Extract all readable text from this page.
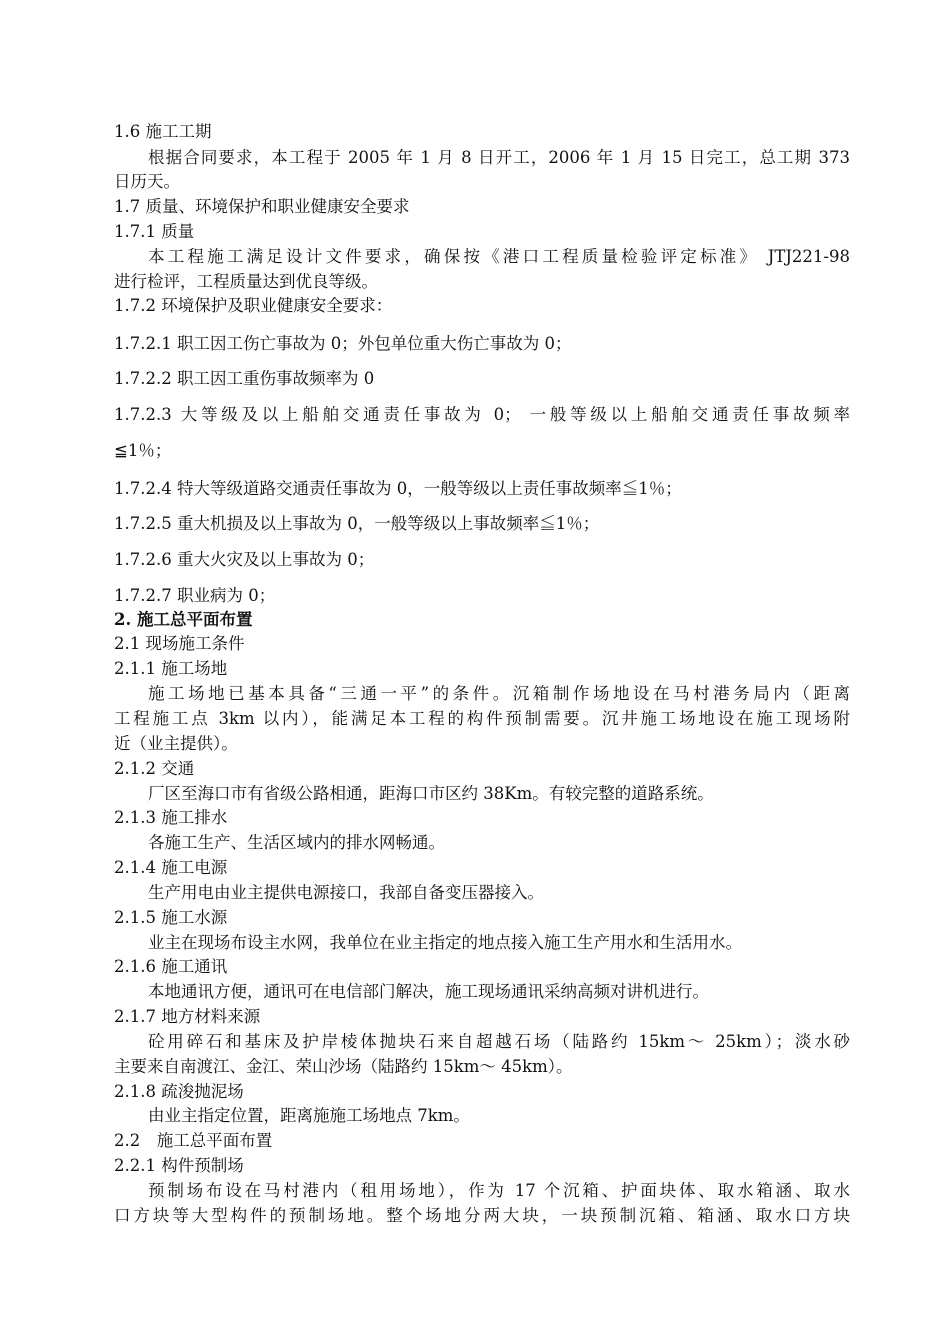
1.6 施工工期
根据合同要求，本工程于 2005 年 1 月 8 日开工，2006 年 1 月 15 日完工，总工期 373
日历天。
1.7 质量、环境保护和职业健康安全要求
1.7.1 质量
本工程施工满足设计文件要求，确保按《港口工程质量检验评定标准》 JTJ221-98
进行检评，工程质量达到优良等级。
1.7.2 环境保护及职业健康安全要求：
1.7.2.1 职工因工伤亡事故为 0；外包单位重大伤亡事故为 0；
1.7.2.2 职工因工重伤事故频率为 0
1.7.2.3 大等级及以上船舶交通责任事故为 0； 一般等级以上船舶交通责任事故频率
≦1％；
1.7.2.4 特大等级道路交通责任事故为 0，一般等级以上责任事故频率≦1％；
1.7.2.5 重大机损及以上事故为 0，一般等级以上事故频率≦1％；
1.7.2.6 重大火灾及以上事故为 0；
1.7.2.7 职业病为 0；
2. 施工总平面布置
2.1 现场施工条件
2.1.1 施工场地
施工场地已基本具备“三通一平”的条件。沉箱制作场地设在马村港务局内（距离
工程施工点 3km 以内），能满足本工程的构件预制需要。沉井施工场地设在施工现场附
近（业主提供）。
2.1.2 交通
厂区至海口市有省级公路相通，距海口市区约 38Km。有较完整的道路系统。
2.1.3 施工排水
各施工生产、生活区域内的排水网畅通。
2.1.4 施工电源
生产用电由业主提供电源接口，我部自备变压器接入。
2.1.5 施工水源
业主在现场布设主水网，我单位在业主指定的地点接入施工生产用水和生活用水。
2.1.6 施工通讯
本地通讯方便，通讯可在电信部门解决，施工现场通讯采纳高频对讲机进行。
2.1.7 地方材料来源
砼用碎石和基床及护岸棱体抛块石来自超越石场（陆路约 15km～ 25km）；淡水砂
主要来自南渡江、金江、荣山沙场（陆路约 15km～ 45km）。
2.1.8 疏浚抛泥场
由业主指定位置，距离施施工场地点 7km。
2.2　施工总平面布置
2.2.1 构件预制场
预制场布设在马村港内（租用场地），作为 17 个沉箱、护面块体、取水箱涵、取水
口方块等大型构件的预制场地。整个场地分两大块，一块预制沉箱、箱涵、取水口方块
